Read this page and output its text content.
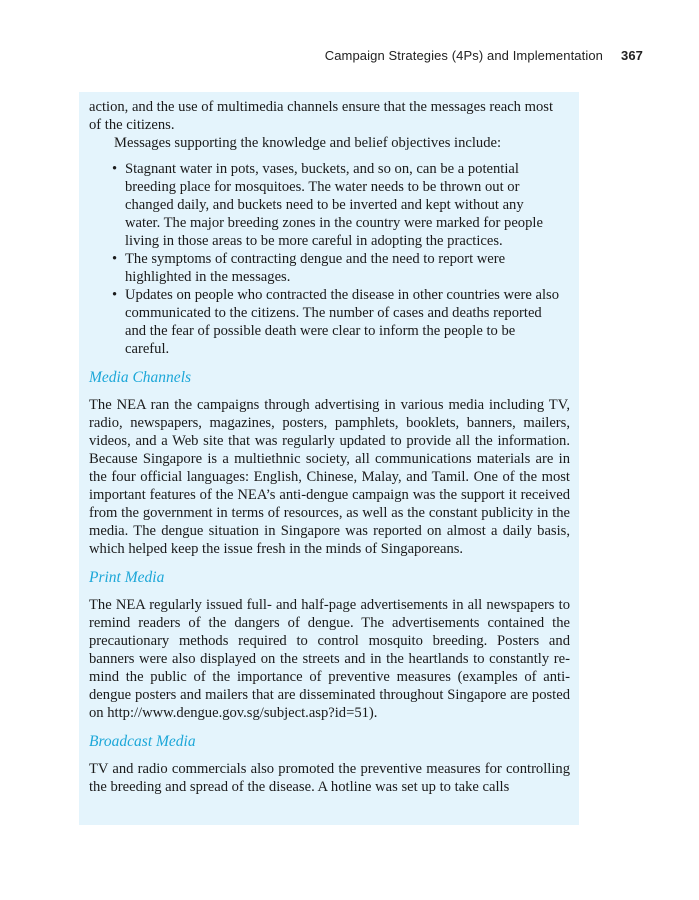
Campaign Strategies (4Ps) and Implementation 367

action, and the use of multimedia channels ensure that the messages reach most

of the citizens.

Messages supporting the knowledge and belief objectives include:

• Stagnant water in pots, vases, buckets, and so on, can be a potential breeding place for mosquitoes. The water needs to be thrown out or changed daily, and buckets need to be inverted and kept without any water. The major breeding zones in the country were marked for people living in those areas to be more careful in adopting the practices.
• The symptoms of contracting dengue and the need to report were highlighted in the messages.
• Updates on people who contracted the disease in other countries were also communicated to the citizens. The number of cases and deaths reported and the fear of possible death were clear to inform the people to be careful.
Media Channels

The NEA ran the campaigns through advertising in various media including TV, radio, newspapers, magazines, posters, pamphlets, booklets, banners, mailers, videos, and a Web site that was regularly updated to provide all the information. Because Singapore is a multiethnic society, all communications materials are in the four official languages: English, Chinese, Malay, and Tamil. One of the most important features of the NEA’s anti-dengue campaign was the support it received from the government in terms of resources, as well as the constant publicity in the media. The dengue situation in Singapore was reported on almost a daily basis, which helped keep the issue fresh in the minds of Singaporeans.

Print Media

The NEA regularly issued full- and half-page advertisements in all newspapers to remind readers of the dangers of dengue. The advertisements contained the precautionary methods required to control mosquito breeding. Posters and banners were also displayed on the streets and in the heartlands to constantly remind the public of the importance of preventive measures (examples of anti-dengue posters and mailers that are disseminated throughout Singapore are posted on http://www.dengue.gov.sg/subject.asp?id=51).

Broadcast Media

TV and radio commercials also promoted the preventive measures for controlling the breeding and spread of the disease. A hotline was set up to take calls
